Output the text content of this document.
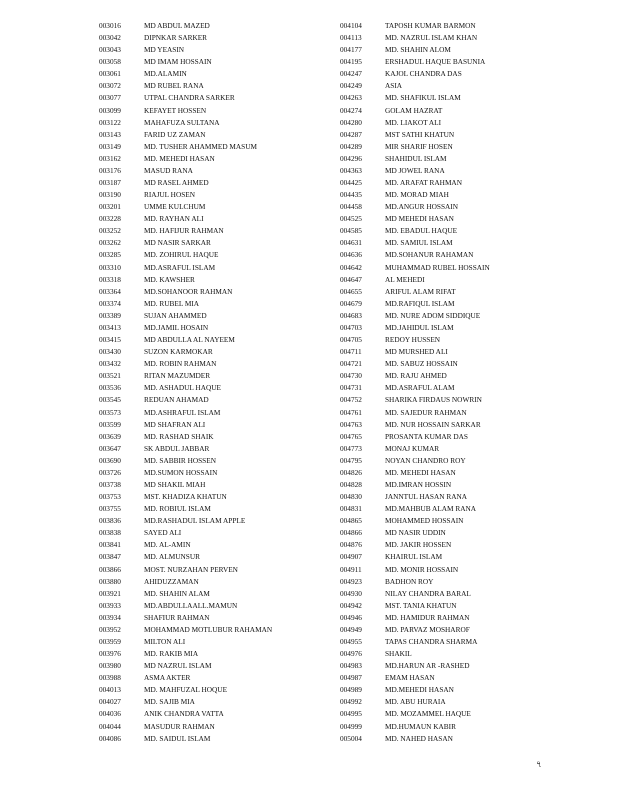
003016	MD ABDUL MAZED
003042	DIPNKAR SARKER
003043	MD YEASIN
003058	MD IMAM HOSSAIN
003061	MD.ALAMIN
003072	MD RUBEL RANA
003077	UTPAL CHANDRA SARKER
003099	KEFAYET HOSSEN
003122	MAHAFUZA SULTANA
003143	FARID UZ ZAMAN
003149	MD. TUSHER AHAMMED MASUM
003162	MD. MEHEDI HASAN
003176	MASUD RANA
003187	MD RASEL AHMED
003190	RIAJUL HOSEN
003201	UMME KULCHUM
003228	MD. RAYHAN ALI
003252	MD. HAFIJUR RAHMAN
003262	MD NASIR SARKAR
003285	MD. ZOHIRUL HAQUE
003310	MD.ASRAFUL ISLAM
003318	MD. KAWSHER
003364	MD.SOHANOOR RAHMAN
003374	MD. RUBEL MIA
003389	SUJAN AHAMMED
003413	MD.JAMIL HOSAIN
003415	MD ABDULLA AL NAYEEM
003430	SUZON KARMOKAR
003432	MD. ROBIN RAHMAN
003521	RITAN MAZUMDER
003536	MD. ASHADUL HAQUE
003545	REDUAN AHAMAD
003573	MD.ASHRAFUL ISLAM
003599	MD SHAFRAN ALI
003639	MD. RASHAD SHAIK
003647	SK ABDUL JABBAR
003690	MD. SABBIR HOSSEN
003726	MD.SUMON HOSSAIN
003738	MD SHAKIL MIAH
003753	MST. KHADIZA KHATUN
003755	MD. ROBIUL ISLAM
003836	MD.RASHADUL ISLAM APPLE
003838	SAYED ALI
003841	MD. AL-AMIN
003847	MD. ALMUNSUR
003866	MOST. NURZAHAN PERVEN
003880	AHIDUZZAMAN
003921	MD. SHAHIN ALAM
003933	MD.ABDULLAALL.MAMUN
003934	SHAFIUR RAHMAN
003952	MOHAMMAD MOTLUBUR RAHAMAN
003959	MILTON ALI
003976	MD. RAKIB MIA
003980	MD NAZRUL ISLAM
003988	ASMA AKTER
004013	MD. MAHFUZAL HOQUE
004027	MD. SAJIB MIA
004036	ANIK CHANDRA VATTA
004044	MASUDUR RAHMAN
004086	MD. SAIDUL ISLAM
004104	TAPOSH KUMAR BARMON
004113	MD. NAZRUL ISLAM KHAN
004177	MD. SHAHIN ALOM
004195	ERSHADUL HAQUE BASUNIA
004247	KAJOL CHANDRA DAS
004249	ASIA
004263	MD. SHAFIKUL ISLAM
004274	GOLAM HAZRAT
004280	MD. LIAKOT ALI
004287	MST SATHI KHATUN
004289	MIR SHARIF HOSEN
004296	SHAHIDUL ISLAM
004363	MD JOWEL RANA
004425	MD. ARAFAT RAHMAN
004435	MD. MORAD MIAH
004458	MD.ANGUR HOSSAIN
004525	MD MEHEDI HASAN
004585	MD. EBADUL HAQUE
004631	MD. SAMIUL ISLAM
004636	MD.SOHANUR RAHAMAN
004642	MUHAMMAD RUBEL HOSSAIN
004647	AL MEHEDI
004655	ARIFUL ALAM RIFAT
004679	MD.RAFIQUL ISLAM
004683	MD. NURE ADOM SIDDIQUE
004703	MD.JAHIDUL ISLAM
004705	REDOY HUSSEN
004711	MD MURSHED ALI
004721	MD. SABUZ HOSSAIN
004730	MD. RAJU AHMED
004731	MD.ASRAFUL ALAM
004752	SHARIKA FIRDAUS NOWRIN
004761	MD. SAJEDUR RAHMAN
004763	MD. NUR HOSSAIN SARKAR
004765	PROSANTA KUMAR DAS
004773	MONAJ KUMAR
004795	NOYAN CHANDRO ROY
004826	MD. MEHEDI HASAN
004828	MD.IMRAN HOSSIN
004830	JANNTUL HASAN RANA
004831	MD.MAHBUB ALAM RANA
004865	MOHAMMED HOSSAIN
004866	MD NASIR UDDIN
004876	MD. JAKIR HOSSEN
004907	KHAIRUL ISLAM
004911	MD. MONIR HOSSAIN
004923	BADHON ROY
004930	NILAY CHANDRA BARAL
004942	MST. TANIA KHATUN
004946	MD. HAMIDUR RAHMAN
004949	MD. PARVAZ MOSHAROF
004955	TAPAS CHANDRA SHARMA
004976	SHAKIL
004983	MD.HARUN AR -RASHED
004987	EMAM HASAN
004989	MD.MEHEDI HASAN
004992	MD. ABU HURAIA
004995	MD. MOZAMMEL HAQUE
004999	MD.HUMAUN KABIR
005004	MD. NAHED HASAN
৭
